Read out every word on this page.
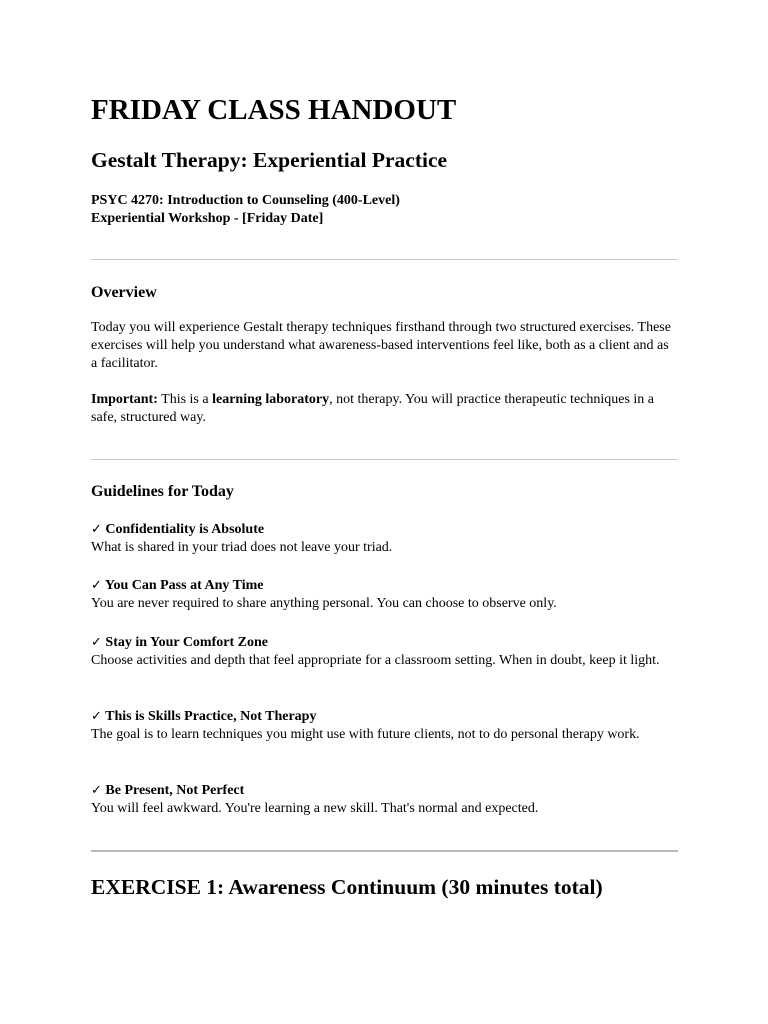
FRIDAY CLASS HANDOUT
Gestalt Therapy: Experiential Practice
PSYC 4270: Introduction to Counseling (400-Level)
Experiential Workshop - [Friday Date]
Overview

Today you will experience Gestalt therapy techniques firsthand through two structured exercises. These exercises will help you understand what awareness-based interventions feel like, both as a client and as a facilitator.

Important: This is a learning laboratory, not therapy. You will practice therapeutic techniques in a safe, structured way.

Guidelines for Today
✓ Confidentiality is Absolute

What is shared in your triad does not leave your triad.

✓ You Can Pass at Any Time

You are never required to share anything personal. You can choose to observe only.

✓ Stay in Your Comfort Zone

Choose activities and depth that feel appropriate for a classroom setting. When in doubt, keep it light.

✓ This is Skills Practice, Not Therapy

The goal is to learn techniques you might use with future clients, not to do personal therapy work.

✓ Be Present, Not Perfect

You will feel awkward. You're learning a new skill. That's normal and expected.

EXERCISE 1: Awareness Continuum (30 minutes total)
